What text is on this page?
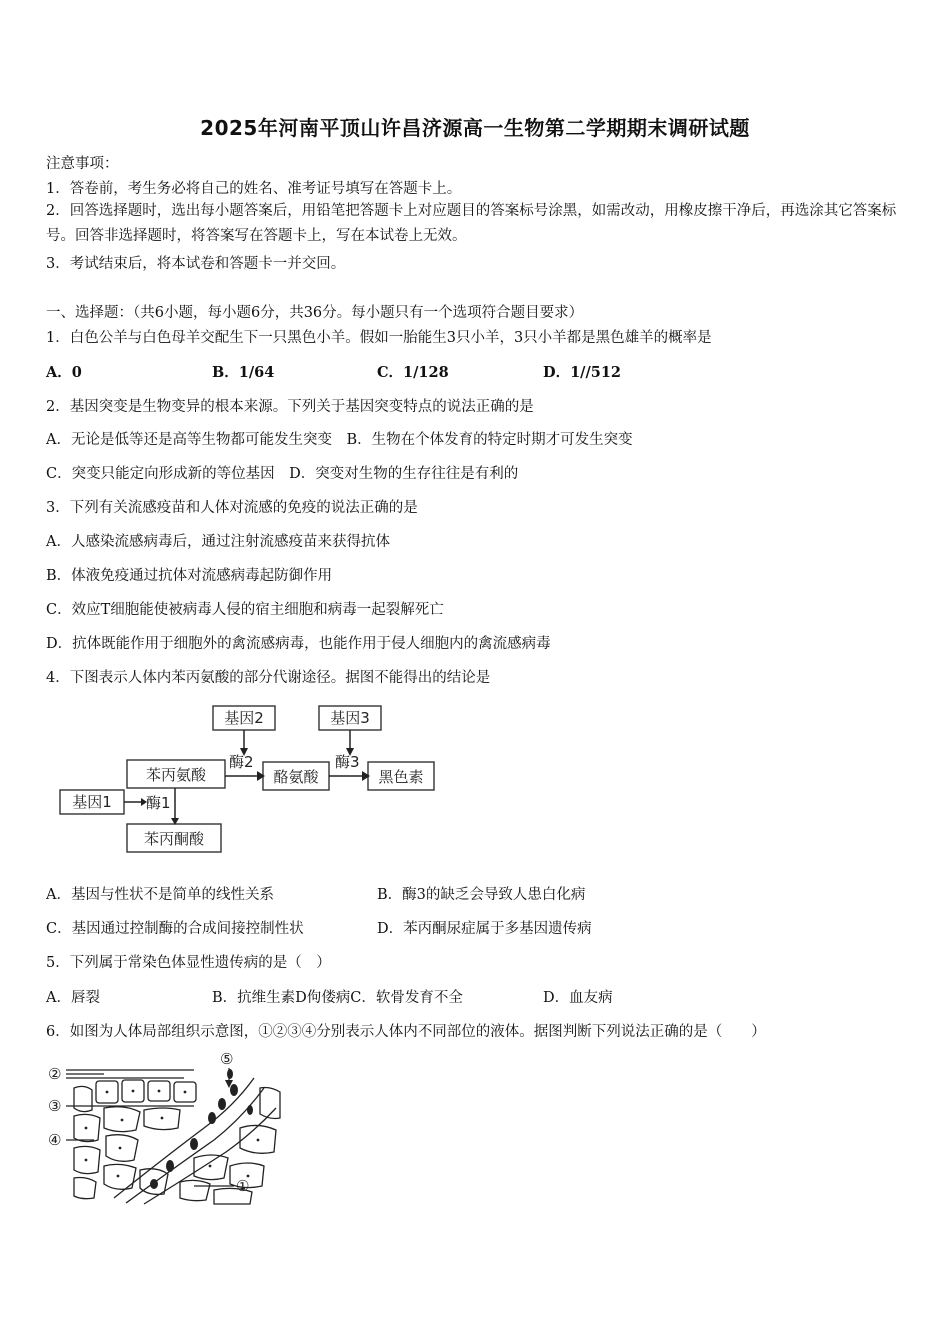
2025年河南平顶山许昌济源高一生物第二学期期末调研试题
注意事项：
1．答卷前，考生务必将自己的姓名、准考证号填写在答题卡上。
2．回答选择题时，选出每小题答案后，用铅笔把答题卡上对应题目的答案标号涂黑，如需改动，用橡皮擦干净后，再选涂其它答案标号。回答非选择题时，将答案写在答题卡上，写在本试卷上无效。
3．考试结束后，将本试卷和答题卡一并交回。
一、选择题：（共6小题，每小题6分，共36分。每小题只有一个选项符合题目要求）
1．白色公羊与白色母羊交配生下一只黑色小羊。假如一胎能生3只小羊，3只小羊都是黑色雄羊的概率是
A．0	B．1/64	C．1/128	D．1//512
2．基因突变是生物变异的根本来源。下列关于基因突变特点的说法正确的是
A．无论是低等还是高等生物都可能发生突变　B．生物在个体发育的特定时期才可发生突变
C．突变只能定向形成新的等位基因　D．突变对生物的生存往往是有利的
3．下列有关流感疫苗和人体对流感的免疫的说法正确的是
A．人感染流感病毒后，通过注射流感疫苗来获得抗体
B．体液免疫通过抗体对流感病毒起防御作用
C．效应T细胞能使被病毒人侵的宿主细胞和病毒一起裂解死亡
D．抗体既能作用于细胞外的禽流感病毒，也能作用于侵人细胞内的禽流感病毒
4．下图表示人体内苯丙氨酸的部分代谢途径。据图不能得出的结论是
基因2	基因3
苯丙氨酸	酪氨酸	黑色素
基因1
苯丙酮酸
酶2	酶3
酶1
A．基因与性状不是简单的线性关系	B．酶3的缺乏会导致人患白化病
C．基因通过控制酶的合成间接控制性状	D．苯丙酮尿症属于多基因遗传病
5．下列属于常染色体显性遗传病的是（　）
A．唇裂	B．抗维生素D佝偻病C．软骨发育不全	D．血友病
6．如图为人体局部组织示意图，①②③④分别表示人体内不同部位的液体。据图判断下列说法正确的是（　　）
②
③
④
⑤
①
